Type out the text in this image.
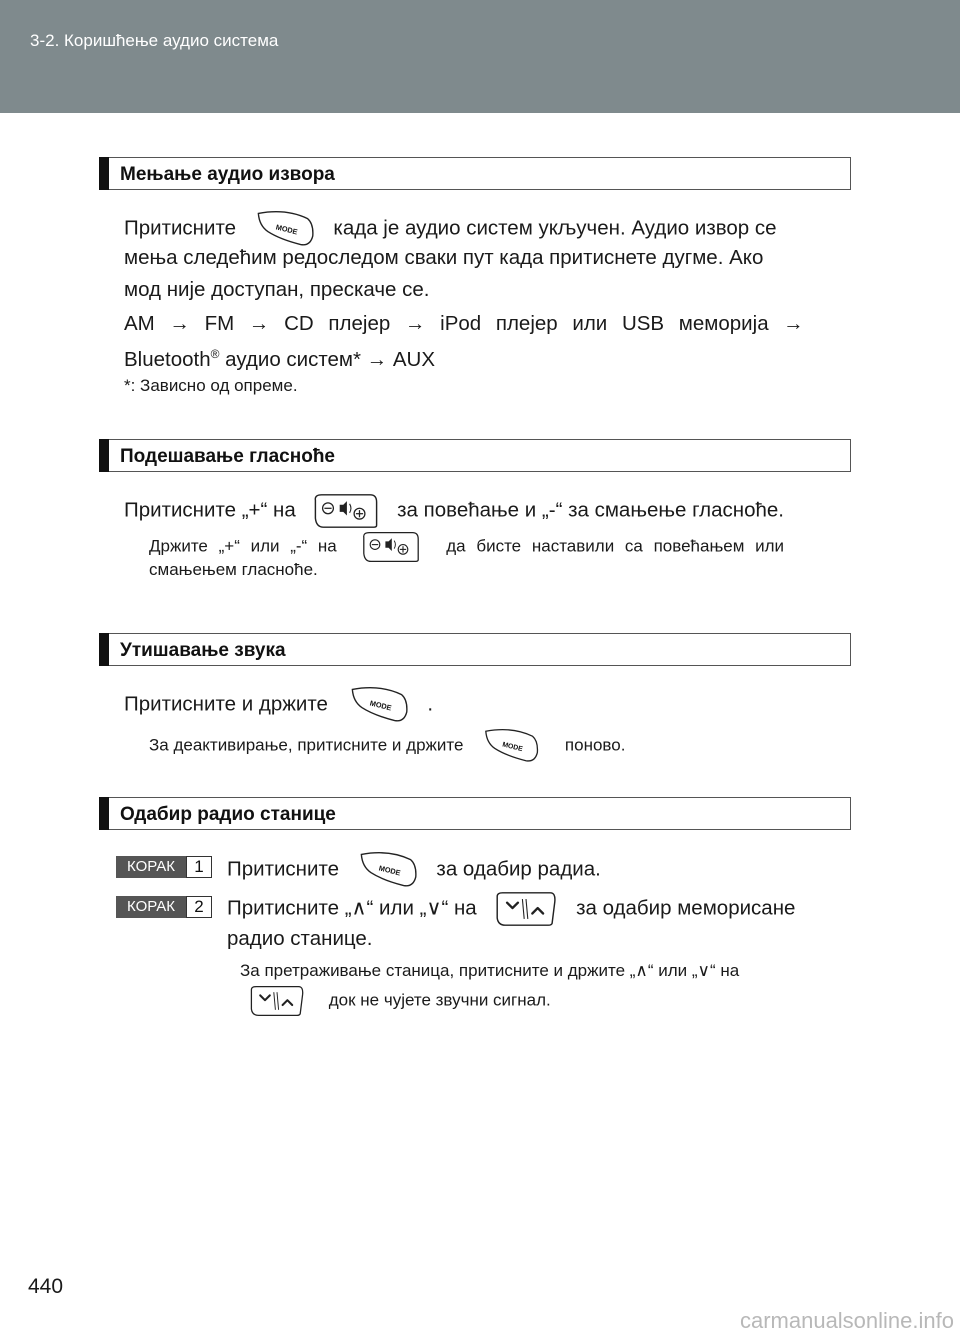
3-2. Коришћење аудио система
Мењање аудио извора
Притисните	када је аудио систем укључен. Аудио извор се
мења следећим редоследом сваки пут када притиснете дугме. Ако
мод није доступан, прескаче се.
AM → FM → CD плејер → iPod плејер или USB меморија →
Bluetooth® аудио систем* → AUX
*: Зависно од опреме.
Подешавање гласноће
Притисните „+“ на	за повећање и „-“ за смањење гласноће.
Држите „+“ или „-“ на	да бисте наставили са повећањем или
смањењем гласноће.
Утишавање звука
Притисните и држите	.
За деактивирање, притисните и држите	поново.
Одабир радио станице
КОРАК	1	Притисните	за одабир радиа.
КОРАК	2	Притисните „∧“ или „∨“ на	за одабир меморисане
радио станице.
За претраживање станица, притисните и држите „∧“ или „∨“ на
док не чујете звучни сигнал.
440
carmanualsonline.info
